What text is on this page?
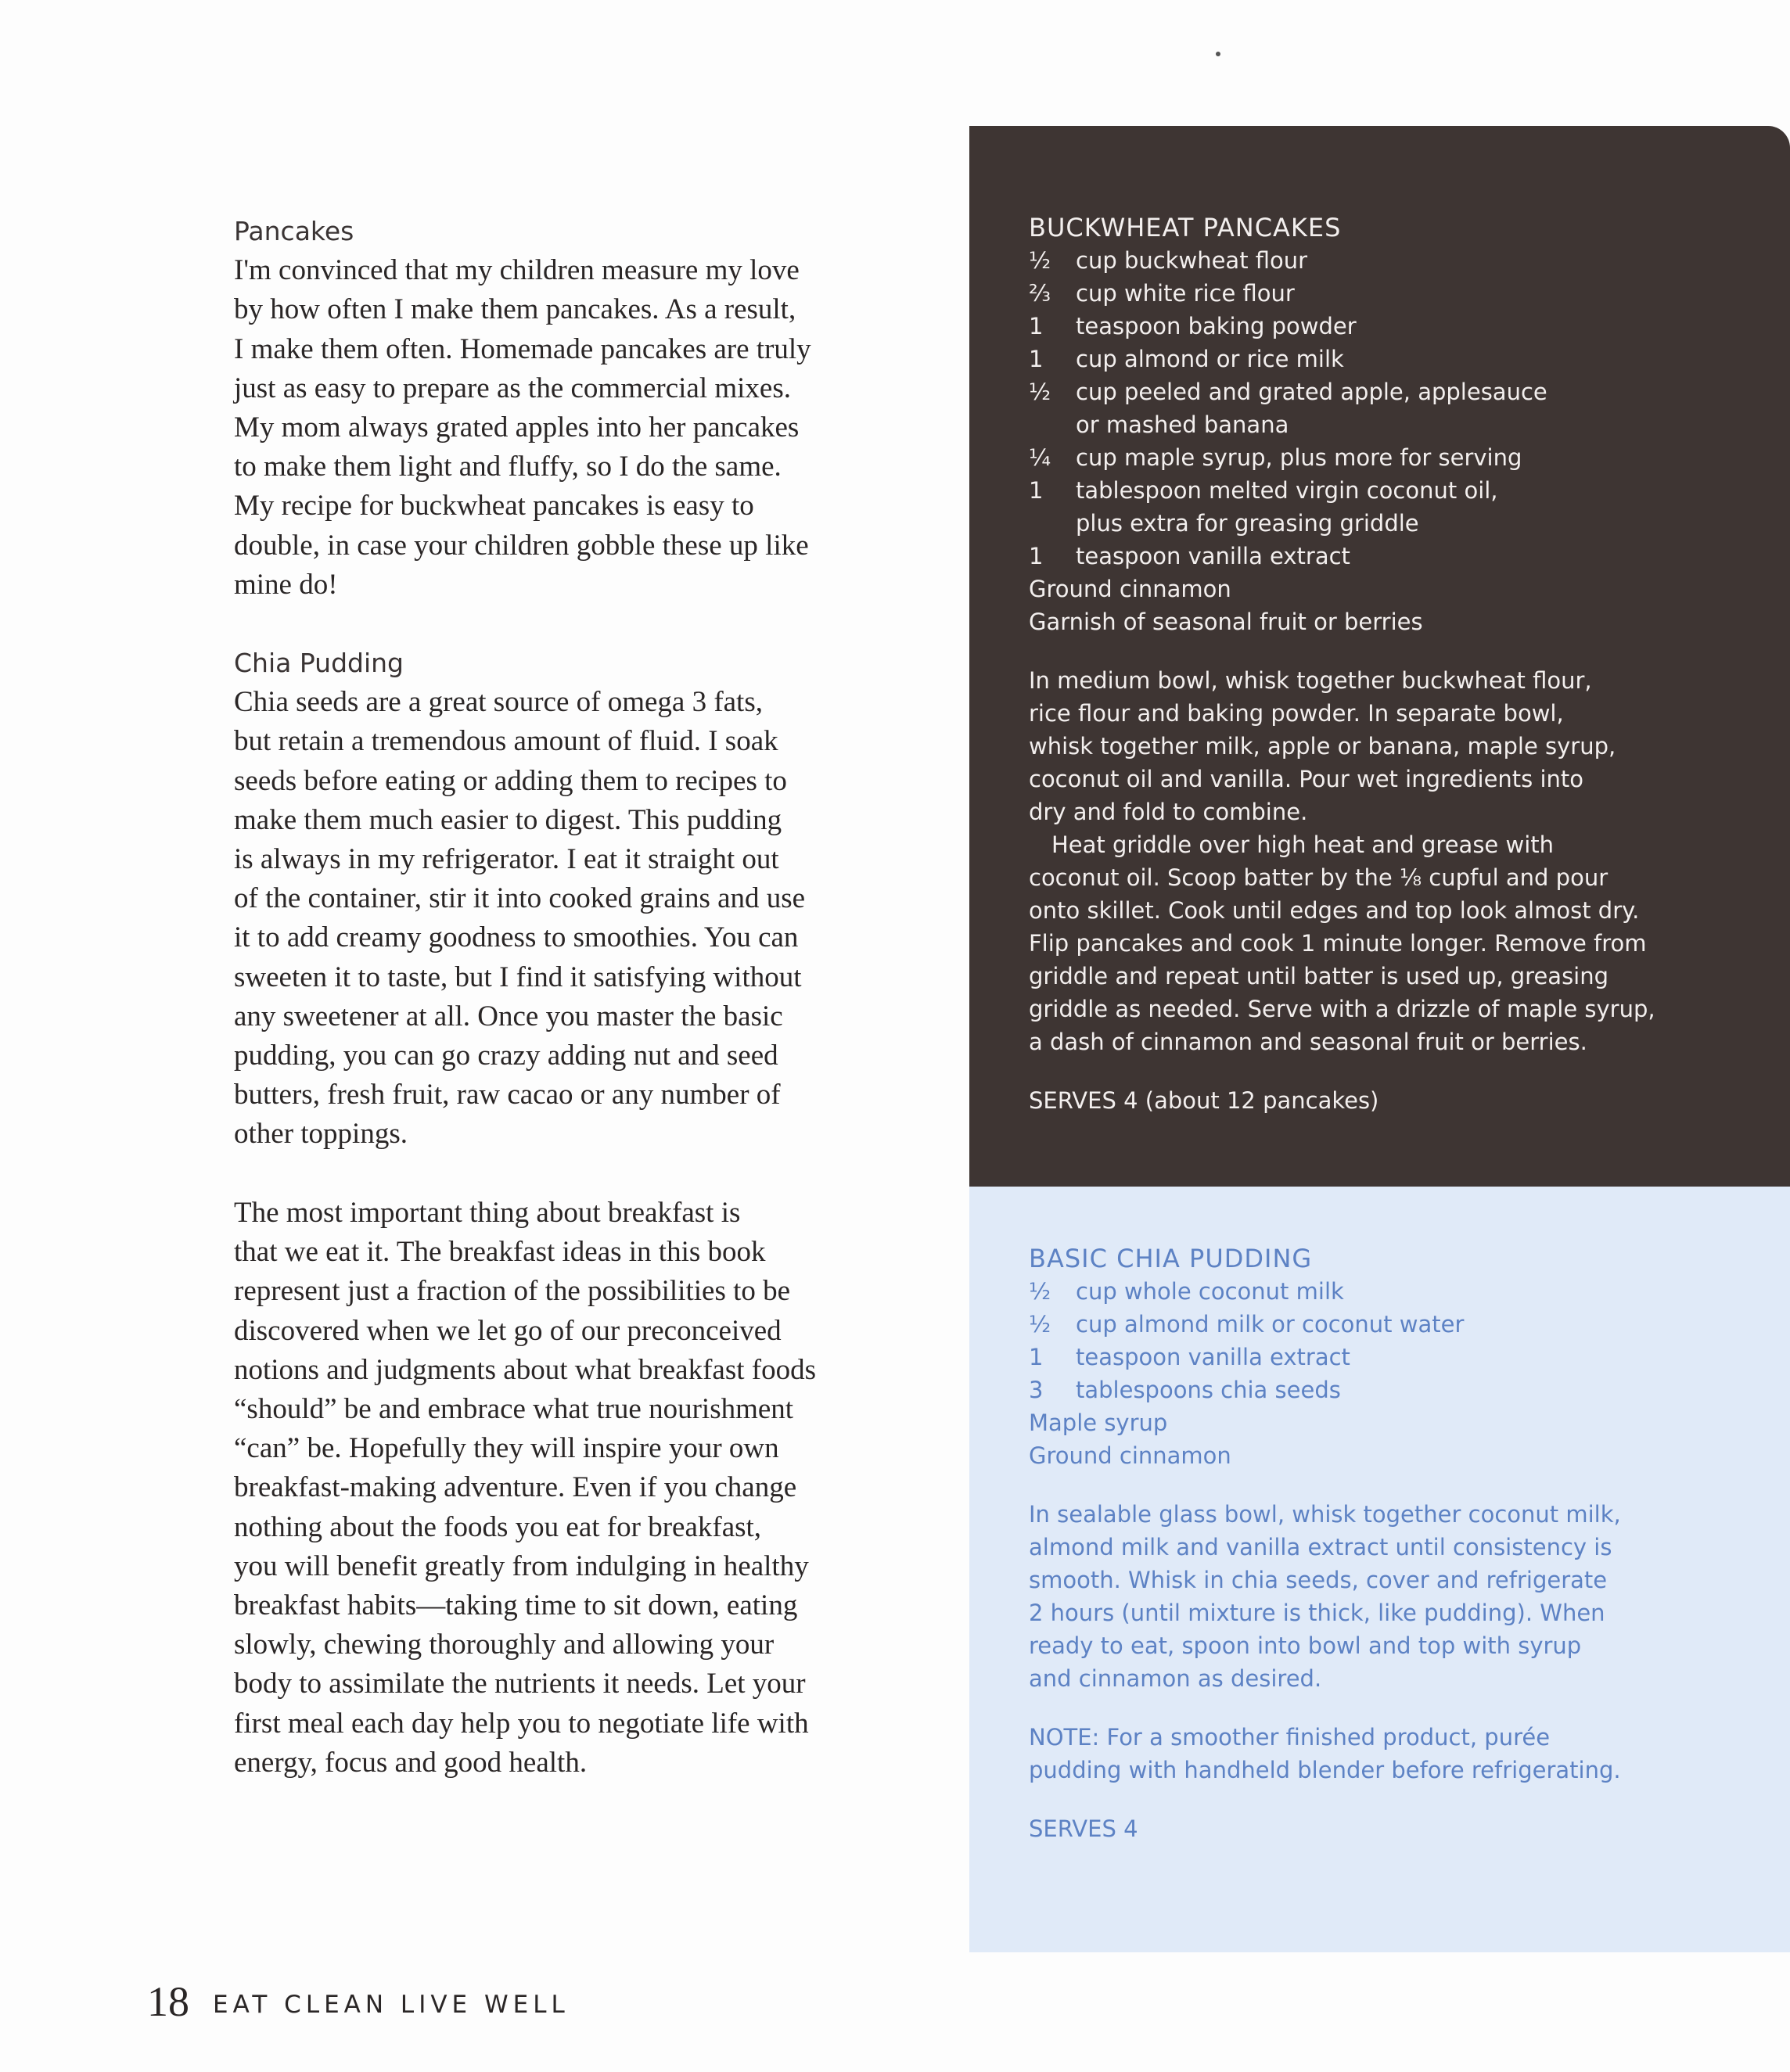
Pancakes
I'm convinced that my children measure my love
by how often I make them pancakes. As a result,
I make them often. Homemade pancakes are truly
just as easy to prepare as the commercial mixes.
My mom always grated apples into her pancakes
to make them light and fluffy, so I do the same.
My recipe for buckwheat pancakes is easy to
double, in case your children gobble these up like
mine do!
Chia Pudding
Chia seeds are a great source of omega 3 fats,
but retain a tremendous amount of fluid. I soak
seeds before eating or adding them to recipes to
make them much easier to digest. This pudding
is always in my refrigerator. I eat it straight out
of the container, stir it into cooked grains and use
it to add creamy goodness to smoothies. You can
sweeten it to taste, but I find it satisfying without
any sweetener at all. Once you master the basic
pudding, you can go crazy adding nut and seed
butters, fresh fruit, raw cacao or any number of
other toppings.
The most important thing about breakfast is
that we eat it. The breakfast ideas in this book
represent just a fraction of the possibilities to be
discovered when we let go of our preconceived
notions and judgments about what breakfast foods
“should” be and embrace what true nourishment
“can” be. Hopefully they will inspire your own
breakfast-making adventure. Even if you change
nothing about the foods you eat for breakfast,
you will benefit greatly from indulging in healthy
breakfast habits—taking time to sit down, eating
slowly, chewing thoroughly and allowing your
body to assimilate the nutrients it needs. Let your
first meal each day help you to negotiate life with
energy, focus and good health.
BUCKWHEAT PANCAKES
½	cup buckwheat flour
⅔	cup white rice flour
1	teaspoon baking powder
1	cup almond or rice milk
½	cup peeled and grated apple, applesauce
or mashed banana
¼	cup maple syrup, plus more for serving
1	tablespoon melted virgin coconut oil,
plus extra for greasing griddle
1	teaspoon vanilla extract
Ground cinnamon
Garnish of seasonal fruit or berries
In medium bowl, whisk together buckwheat flour,
rice flour and baking powder. In separate bowl,
whisk together milk, apple or banana, maple syrup,
coconut oil and vanilla. Pour wet ingredients into
dry and fold to combine.
 Heat griddle over high heat and grease with
coconut oil. Scoop batter by the ⅛ cupful and pour
onto skillet. Cook until edges and top look almost dry.
Flip pancakes and cook 1 minute longer. Remove from
griddle and repeat until batter is used up, greasing
griddle as needed. Serve with a drizzle of maple syrup,
a dash of cinnamon and seasonal fruit or berries.
SERVES 4 (about 12 pancakes)
BASIC CHIA PUDDING
½	cup whole coconut milk
½	cup almond milk or coconut water
1	teaspoon vanilla extract
3	tablespoons chia seeds
Maple syrup
Ground cinnamon
In sealable glass bowl, whisk together coconut milk,
almond milk and vanilla extract until consistency is
smooth. Whisk in chia seeds, cover and refrigerate
2 hours (until mixture is thick, like pudding). When
ready to eat, spoon into bowl and top with syrup
and cinnamon as desired.
NOTE: For a smoother finished product, purée
pudding with handheld blender before refrigerating.
SERVES 4
18 EAT CLEAN LIVE WELL
